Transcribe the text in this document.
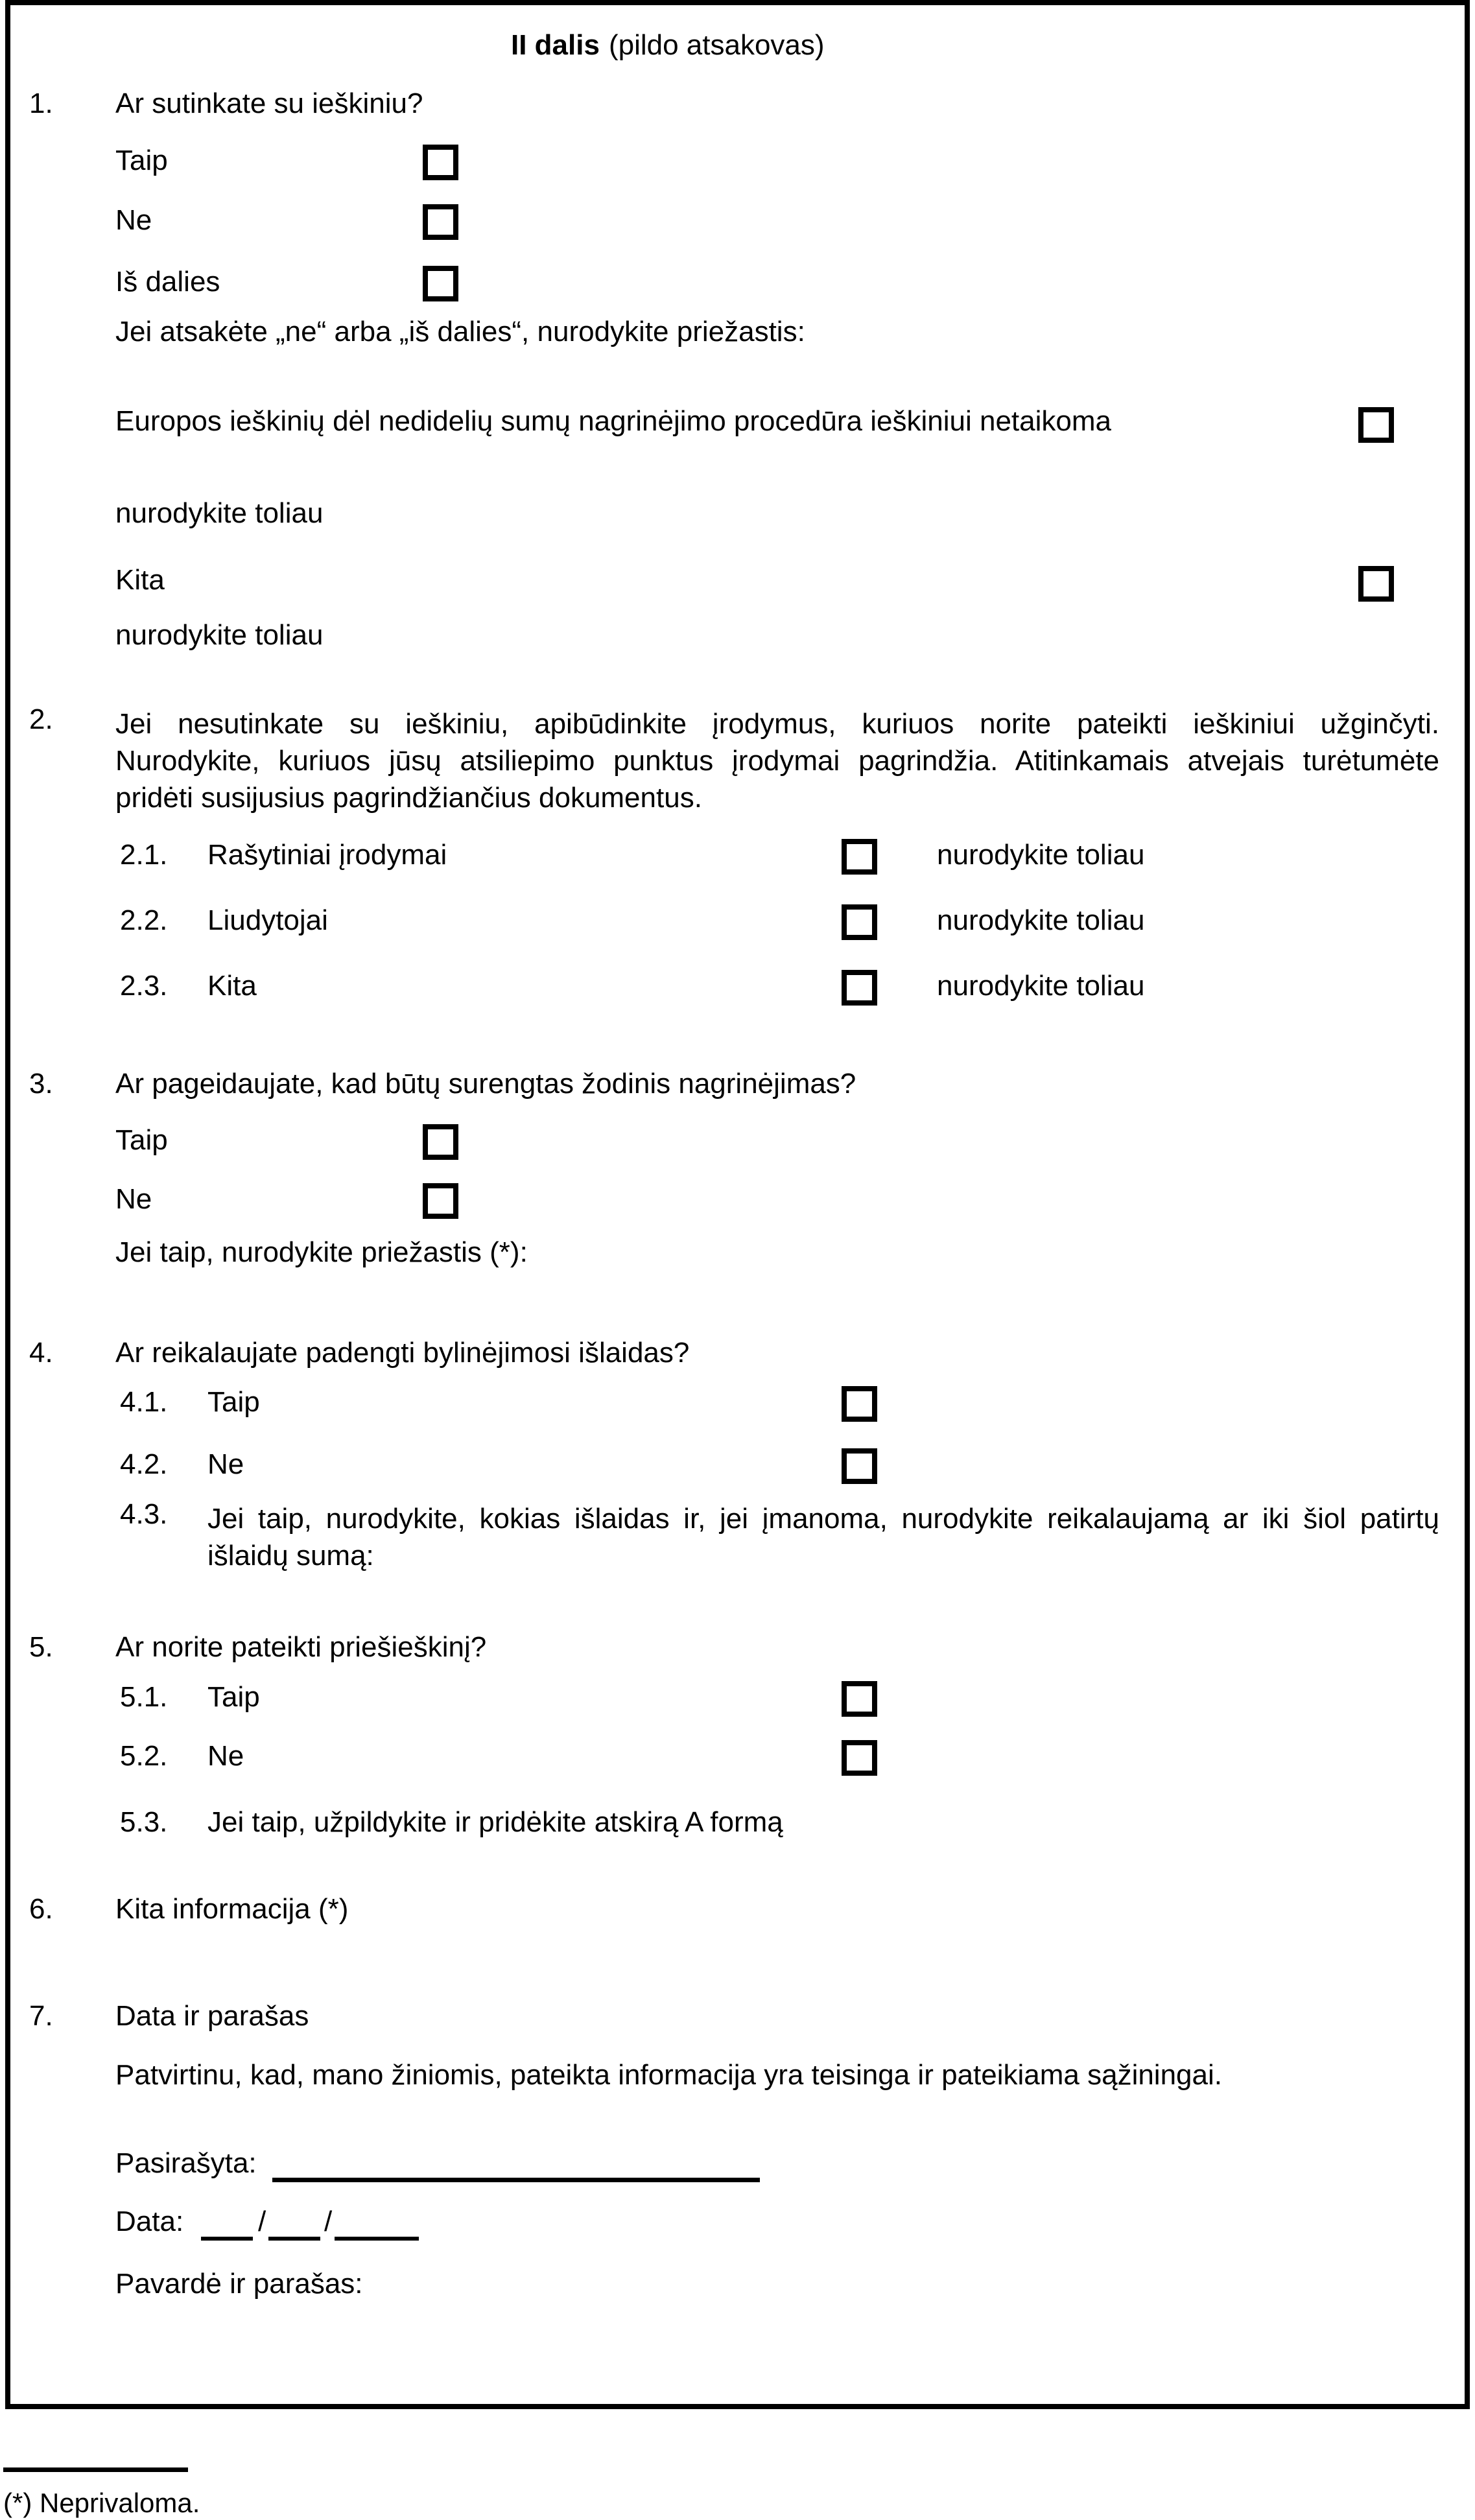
II dalis (pildo atsakovas)
1. Ar sutinkate su ieškiniu?
Taip
Ne
Iš dalies
Jei atsakėte „ne“ arba „iš dalies“, nurodykite priežastis:
Europos ieškinių dėl nedidelių sumų nagrinėjimo procedūra ieškiniui netaikoma
nurodykite toliau
Kita
nurodykite toliau
2. Jei nesutinkate su ieškiniu, apibūdinkite įrodymus, kuriuos norite pateikti ieškiniui užginčyti.
Nurodykite, kuriuos jūsų atsiliepimo punktus įrodymai pagrindžia. Atitinkamais atvejais turėtumėte
pridėti susijusius pagrindžiančius dokumentus.
2.1. Rašytiniai įrodymai	nurodykite toliau
2.2. Liudytojai	nurodykite toliau
2.3. Kita	nurodykite toliau
3. Ar pageidaujate, kad būtų surengtas žodinis nagrinėjimas?
Taip
Ne
Jei taip, nurodykite priežastis (*):
4. Ar reikalaujate padengti bylinėjimosi išlaidas?
4.1. Taip
4.2. Ne
4.3. Jei taip, nurodykite, kokias išlaidas ir, jei įmanoma, nurodykite reikalaujamą ar iki šiol patirtų
išlaidų sumą:
5. Ar norite pateikti priešieškinį?
5.1. Taip
5.2. Ne
5.3. Jei taip, užpildykite ir pridėkite atskirą A formą
6. Kita informacija (*)
7. Data ir parašas
Patvirtinu, kad, mano žiniomis, pateikta informacija yra teisinga ir pateikiama sąžiningai.
Pasirašyta:
Data:	/ /
Pavardė ir parašas:
(*) Neprivaloma.
